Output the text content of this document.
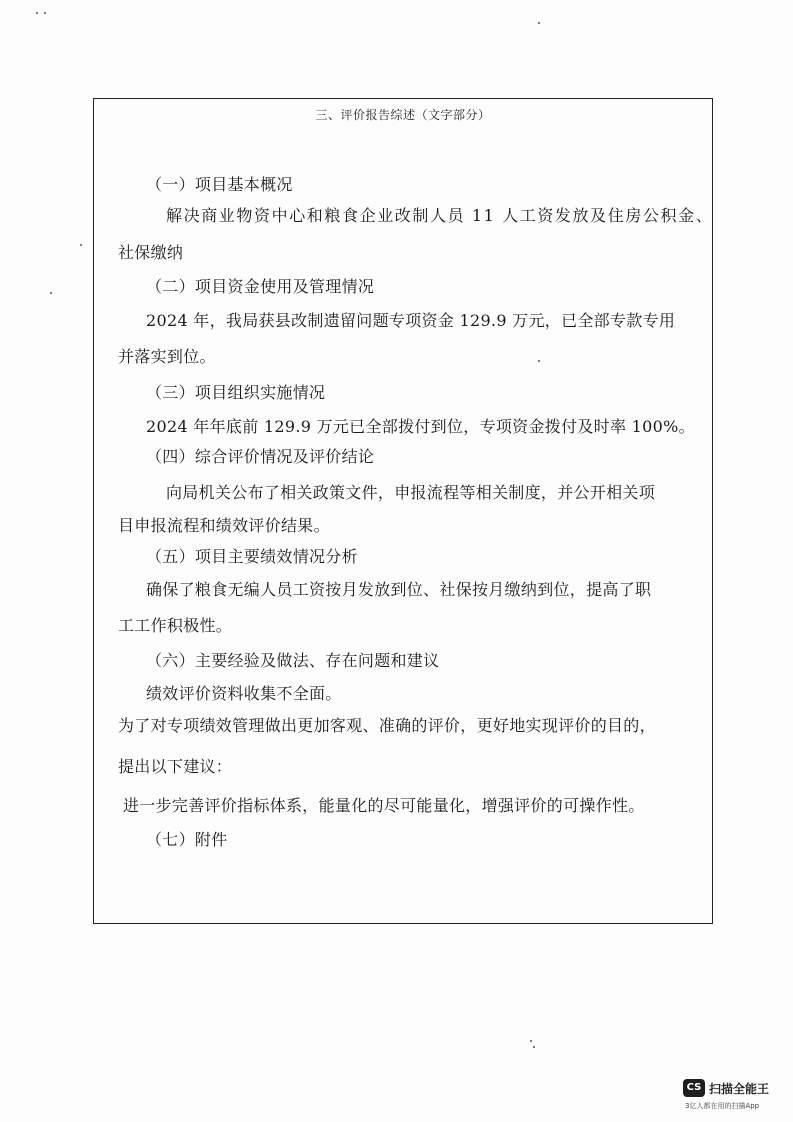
三、评价报告综述（文字部分）
（一）项目基本概况
解决商业物资中心和粮食企业改制人员 11 人工资发放及住房公积金、
社保缴纳
（二）项目资金使用及管理情况
2024 年，我局获县改制遗留问题专项资金 129.9 万元，已全部专款专用
并落实到位。
（三）项目组织实施情况
2024 年年底前 129.9 万元已全部拨付到位，专项资金拨付及时率 100%。
（四）综合评价情况及评价结论
向局机关公布了相关政策文件，申报流程等相关制度，并公开相关项
目申报流程和绩效评价结果。
（五）项目主要绩效情况分析
确保了粮食无编人员工资按月发放到位、社保按月缴纳到位，提高了职
工工作积极性。
（六）主要经验及做法、存在问题和建议
绩效评价资料收集不全面。
为了对专项绩效管理做出更加客观、准确的评价，更好地实现评价的目的，
提出以下建议：
进一步完善评价指标体系，能量化的尽可能量化，增强评价的可操作性。
（七）附件
CS 扫描全能王
3亿人都在用的扫描App
